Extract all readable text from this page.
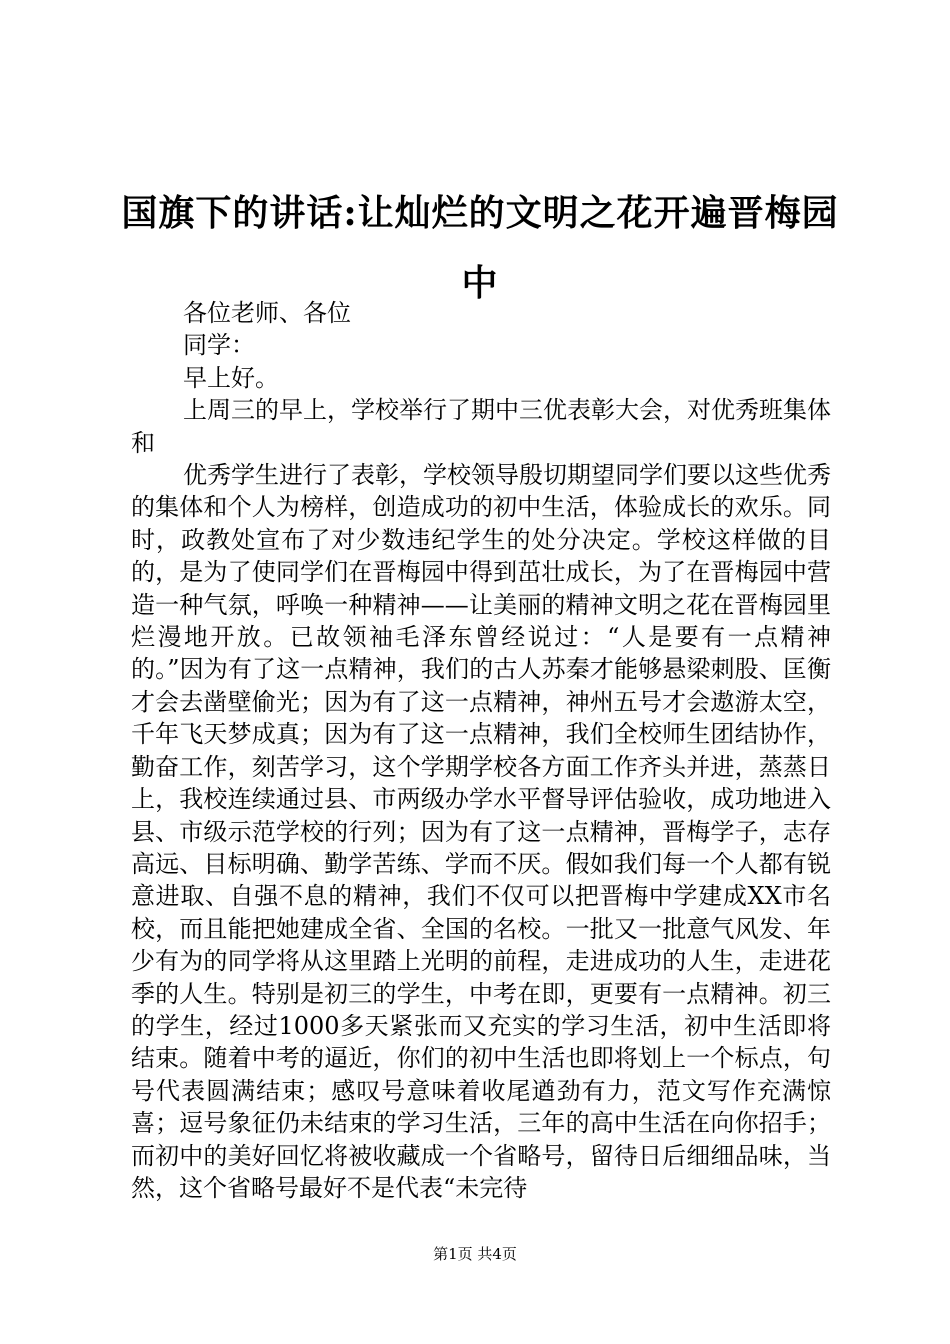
国旗下的讲话:让灿烂的文明之花开遍晋梅园中

各位老师、各位

同学：

早上好。

上周三的早上，学校举行了期中三优表彰大会，对优秀班集体和

优秀学生进行了表彰，学校领导殷切期望同学们要以这些优秀的集体和个人为榜样，创造成功的初中生活，体验成长的欢乐。同时，政教处宣布了对少数违纪学生的处分决定。学校这样做的目的，是为了使同学们在晋梅园中得到茁壮成长，为了在晋梅园中营造一种气氛，呼唤一种精神——让美丽的精神文明之花在晋梅园里烂漫地开放。已故领袖毛泽东曾经说过：“人是要有一点精神的。”因为有了这一点精神，我们的古人苏秦才能够悬梁刺股、匡衡才会去凿壁偷光；因为有了这一点精神，神州五号才会遨游太空，千年飞天梦成真；因为有了这一点精神，我们全校师生团结协作，勤奋工作，刻苦学习，这个学期学校各方面工作齐头并进，蒸蒸日上，我校连续通过县、市两级办学水平督导评估验收，成功地进入县、市级示范学校的行列；因为有了这一点精神，晋梅学子，志存高远、目标明确、勤学苦练、学而不厌。假如我们每一个人都有锐意进取、自强不息的精神，我们不仅可以把晋梅中学建成XX市名校，而且能把她建成全省、全国的名校。一批又一批意气风发、年少有为的同学将从这里踏上光明的前程，走进成功的人生，走进花季的人生。特别是初三的学生，中考在即，更要有一点精神。初三的学生，经过1000多天紧张而又充实的学习生活，初中生活即将结束。随着中考的逼近，你们的初中生活也即将划上一个标点，句号代表圆满结束；感叹号意味着收尾遒劲有力，范文写作充满惊喜；逗号象征仍未结束的学习生活，三年的高中生活在向你招手；而初中的美好回忆将被收藏成一个省略号，留待日后细细品味，当然，这个省略号最好不是代表“未完待

第1页 共4页
